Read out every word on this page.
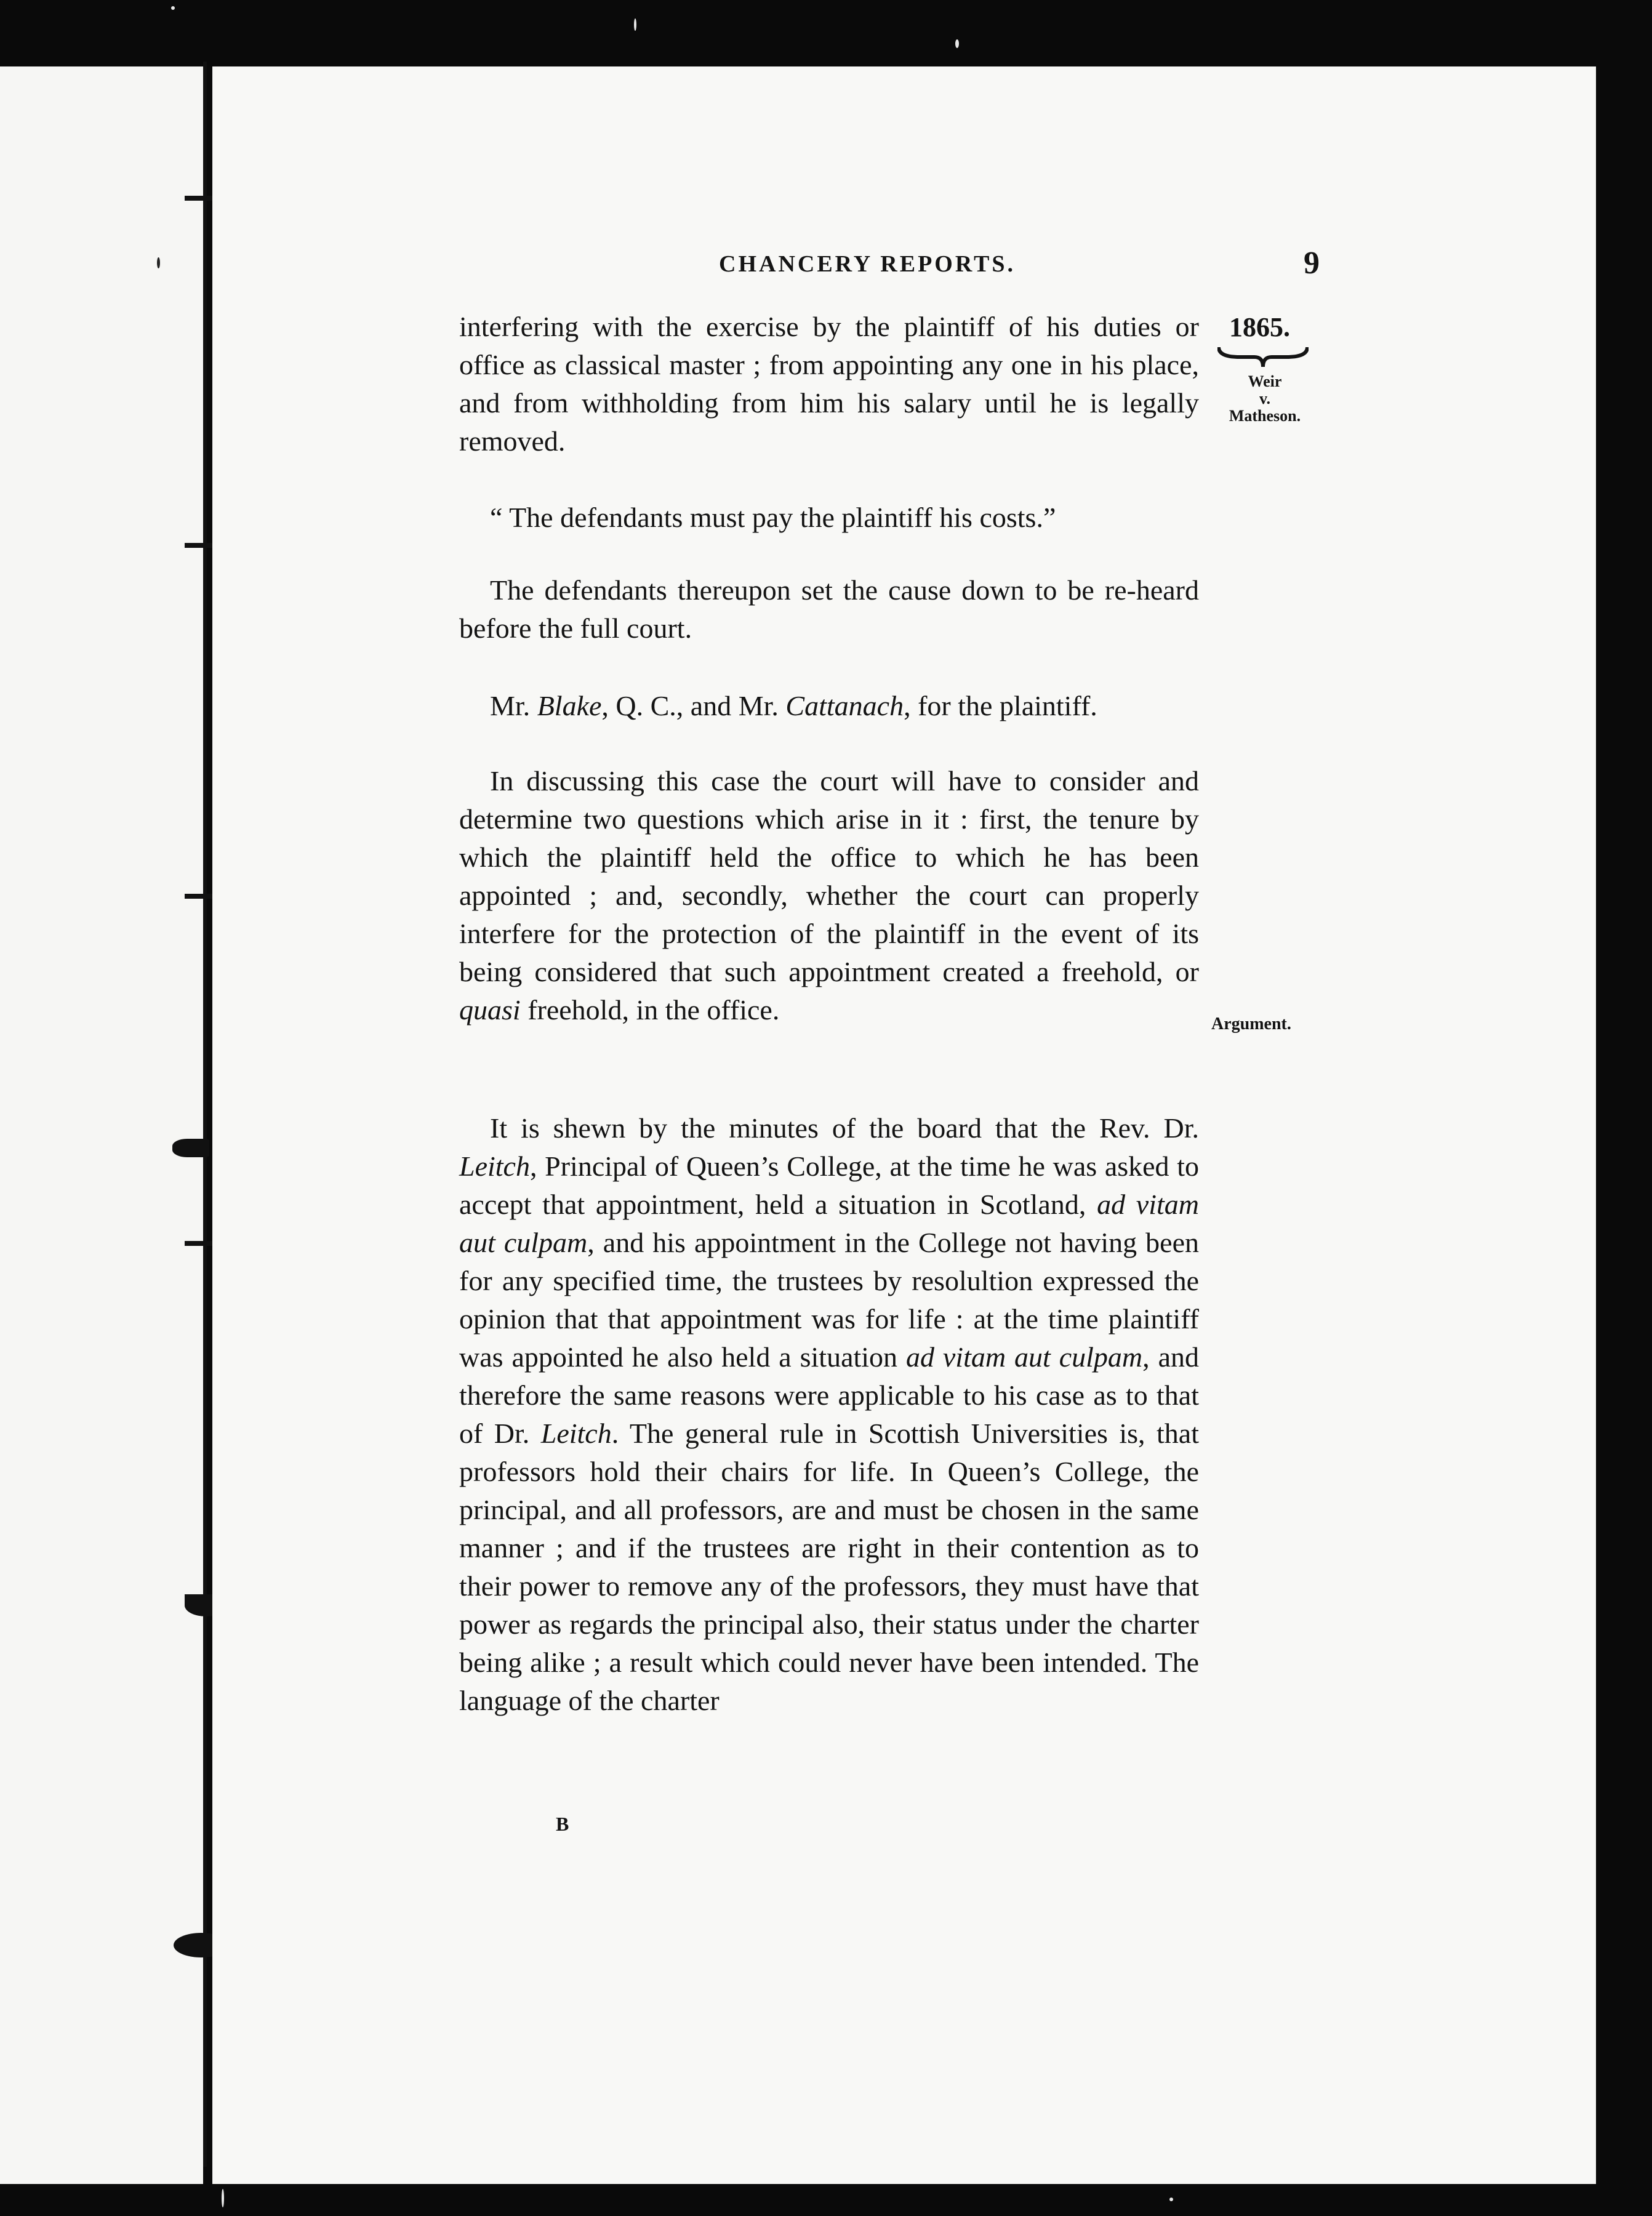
CHANCERY REPORTS.	9
1865.
Weir
v.
Matheson.
Argument.

interfering with the exercise by the plaintiff of his duties or office as classical master ; from appointing any one in his place, and from withholding from him his salary until he is legally removed.

“ The defendants must pay the plaintiff his costs.”

The defendants thereupon set the cause down to be re-heard before the full court.

Mr. Blake, Q. C., and Mr. Cattanach, for the plaintiff.

In discussing this case the court will have to consider and determine two questions which arise in it : first, the tenure by which the plaintiff held the office to which he has been appointed ; and, secondly, whether the court can properly interfere for the protection of the plaintiff in the event of its being considered that such appointment created a freehold, or quasi freehold, in the office.

It is shewn by the minutes of the board that the Rev. Dr. Leitch, Principal of Queen’s College, at the time he was asked to accept that appointment, held a situation in Scotland, ad vitam aut culpam, and his appointment in the College not having been for any specified time, the trustees by resolultion expressed the opinion that that appointment was for life : at the time plaintiff was appointed he also held a situation ad vitam aut culpam, and therefore the same reasons were applicable to his case as to that of Dr. Leitch. The general rule in Scottish Universities is, that professors hold their chairs for life. In Queen’s College, the principal, and all professors, are and must be chosen in the same manner ; and if the trustees are right in their contention as to their power to remove any of the professors, they must have that power as regards the principal also, their status under the charter being alike ; a result which could never have been intended. The language of the charter

B
